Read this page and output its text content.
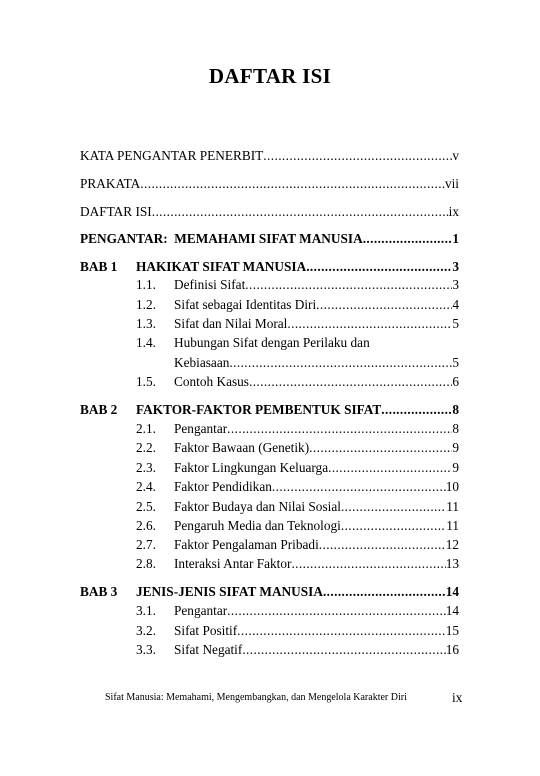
DAFTAR ISI
KATA PENGANTAR PENERBIT .....	v
PRAKATA .....	vii
DAFTAR ISI .....	ix
PENGANTAR:  MEMAHAMI SIFAT MANUSIA .....	1
BAB 1	HAKIKAT SIFAT MANUSIA .....	3
1.1.	Definisi Sifat .....	3
1.2.	Sifat sebagai Identitas Diri .....	4
1.3.	Sifat dan Nilai Moral .....	5
1.4.	Hubungan Sifat dengan Perilaku dan
Kebiasaan .....	5
1.5.	Contoh Kasus .....	6
BAB 2	FAKTOR-FAKTOR PEMBENTUK SIFAT .....	8
2.1.	Pengantar .....	8
2.2.	Faktor Bawaan (Genetik) .....	9
2.3.	Faktor Lingkungan Keluarga .....	9
2.4.	Faktor Pendidikan .....	10
2.5.	Faktor Budaya dan Nilai Sosial .....	11
2.6.	Pengaruh Media dan Teknologi .....	11
2.7.	Faktor Pengalaman Pribadi .....	12
2.8.	Interaksi Antar Faktor .....	13
BAB 3	JENIS-JENIS SIFAT MANUSIA .....	14
3.1.	Pengantar .....	14
3.2.	Sifat Positif .....	15
3.3.	Sifat Negatif .....	16
Sifat Manusia: Memahami, Mengembangkan, dan Mengelola Karakter Diri	ix
